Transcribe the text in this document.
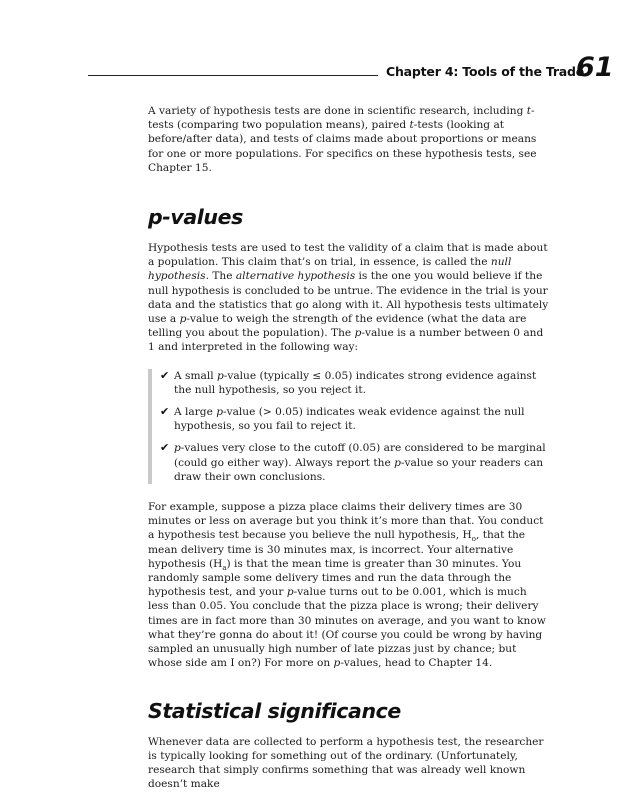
Chapter 4: Tools of the Trade
61

A variety of hypothesis tests are done in scientific research, including t-tests (comparing two population means), paired t-tests (looking at before/after data), and tests of claims made about proportions or means for one or more populations. For specifics on these hypothesis tests, see Chapter 15.

p-values

Hypothesis tests are used to test the validity of a claim that is made about a population. This claim that’s on trial, in essence, is called the null hypothesis. The alternative hypothesis is the one you would believe if the null hypothesis is concluded to be untrue. The evidence in the trial is your data and the statistics that go along with it. All hypothesis tests ultimately use a p-value to weigh the strength of the evidence (what the data are telling you about the population). The p-value is a number between 0 and 1 and interpreted in the following way:

✔ A small p-value (typically ≤ 0.05) indicates strong evidence against the null hypothesis, so you reject it.
✔ A large p-value (> 0.05) indicates weak evidence against the null hypothesis, so you fail to reject it.
✔ p-values very close to the cutoff (0.05) are considered to be marginal (could go either way). Always report the p-value so your readers can draw their own conclusions.

For example, suppose a pizza place claims their delivery times are 30 minutes or less on average but you think it’s more than that. You conduct a hypothesis test because you believe the null hypothesis, $H_o$, that the mean delivery time is 30 minutes max, is incorrect. Your alternative hypothesis $(H_a)$ is that the mean time is greater than 30 minutes. You randomly sample some delivery times and run the data through the hypothesis test, and your p-value turns out to be 0.001, which is much less than 0.05. You conclude that the pizza place is wrong; their delivery times are in fact more than 30 minutes on average, and you want to know what they’re gonna do about it! (Of course you could be wrong by having sampled an unusually high number of late pizzas just by chance; but whose side am I on?) For more on p-values, head to Chapter 14.

Statistical significance

Whenever data are collected to perform a hypothesis test, the researcher is typically looking for something out of the ordinary. (Unfortunately, research that simply confirms something that was already well known doesn’t make
